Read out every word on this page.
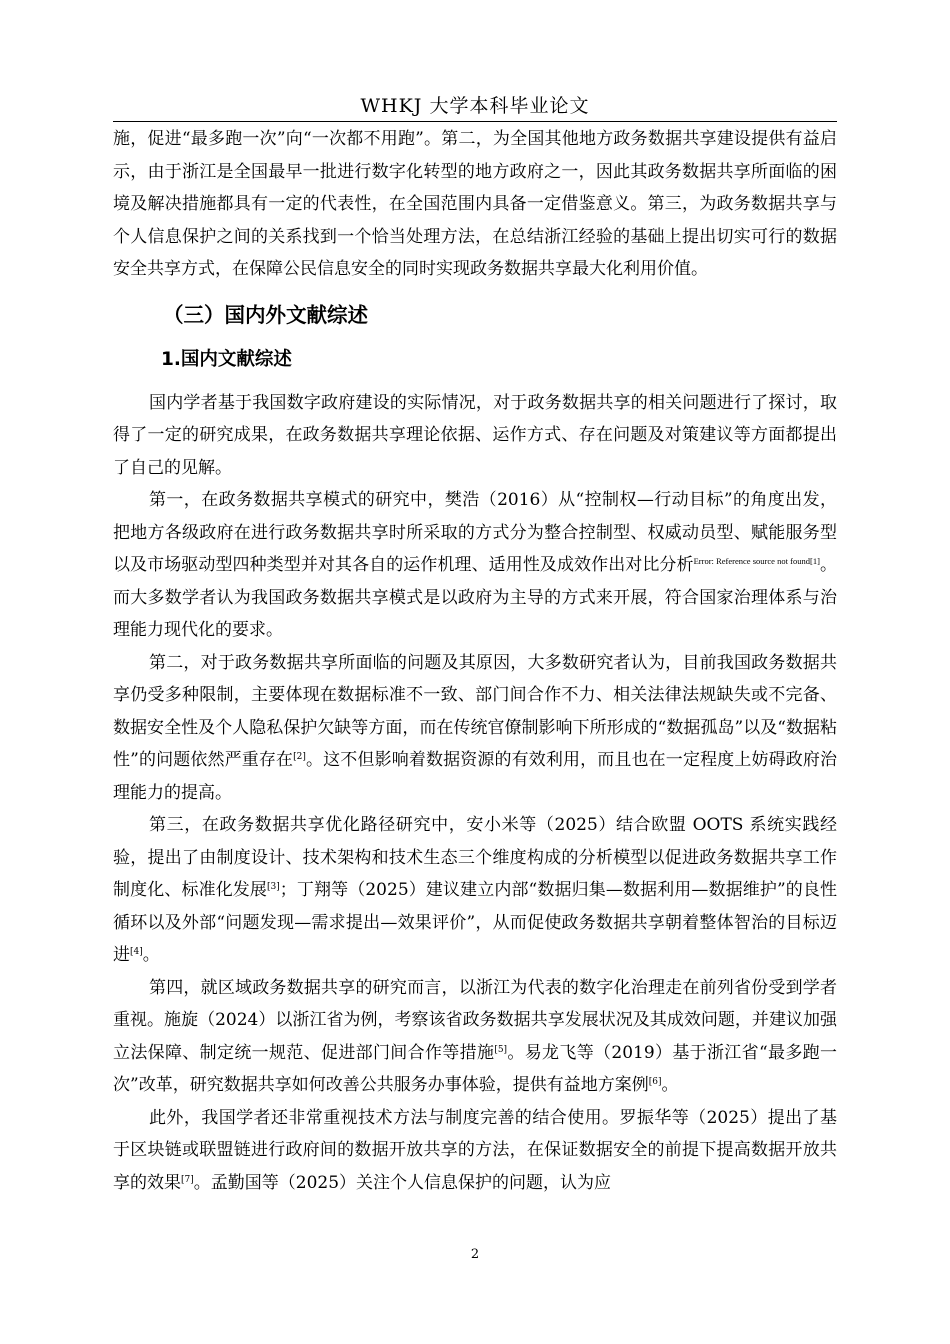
WHKJ 大学本科毕业论文

施，促进“最多跑一次”向“一次都不用跑”。第二，为全国其他地方政务数据共享建设提供有益启示，由于浙江是全国最早一批进行数字化转型的地方政府之一，因此其政务数据共享所面临的困境及解决措施都具有一定的代表性，在全国范围内具备一定借鉴意义。第三，为政务数据共享与个人信息保护之间的关系找到一个恰当处理方法，在总结浙江经验的基础上提出切实可行的数据安全共享方式，在保障公民信息安全的同时实现政务数据共享最大化利用价值。

（三）国内外文献综述
1.国内文献综述

国内学者基于我国数字政府建设的实际情况，对于政务数据共享的相关问题进行了探讨，取得了一定的研究成果，在政务数据共享理论依据、运作方式、存在问题及对策建议等方面都提出了自己的见解。

第一，在政务数据共享模式的研究中，樊浩（2016）从“控制权—行动目标”的角度出发，把地方各级政府在进行政务数据共享时所采取的方式分为整合控制型、权威动员型、赋能服务型以及市场驱动型四种类型并对其各自的运作机理、适用性及成效作出对比分析$^{Error: Reference source not found[1]}$。而大多数学者认为我国政务数据共享模式是以政府为主导的方式来开展，符合国家治理体系与治理能力现代化的要求。

第二，对于政务数据共享所面临的问题及其原因，大多数研究者认为，目前我国政务数据共享仍受多种限制，主要体现在数据标准不一致、部门间合作不力、相关法律法规缺失或不完备、数据安全性及个人隐私保护欠缺等方面，而在传统官僚制影响下所形成的“数据孤岛”以及“数据粘性”的问题依然严重存在[2]。这不但影响着数据资源的有效利用，而且也在一定程度上妨碍政府治理能力的提高。

第三，在政务数据共享优化路径研究中，安小米等（2025）结合欧盟 OOTS 系统实践经验，提出了由制度设计、技术架构和技术生态三个维度构成的分析模型以促进政务数据共享工作制度化、标准化发展[3]；丁翔等（2025）建议建立内部“数据归集—数据利用—数据维护”的良性循环以及外部“问题发现—需求提出—效果评价”，从而促使政务数据共享朝着整体智治的目标迈进[4]。

第四，就区域政务数据共享的研究而言，以浙江为代表的数字化治理走在前列省份受到学者重视。施旋（2024）以浙江省为例，考察该省政务数据共享发展状况及其成效问题，并建议加强立法保障、制定统一规范、促进部门间合作等措施[5]。易龙飞等（2019）基于浙江省“最多跑一次”改革，研究数据共享如何改善公共服务办事体验，提供有益地方案例[6]。

此外，我国学者还非常重视技术方法与制度完善的结合使用。罗振华等（2025）提出了基于区块链或联盟链进行政府间的数据开放共享的方法，在保证数据安全的前提下提高数据开放共享的效果[7]。孟勤国等（2025）关注个人信息保护的问题，认为应

2
